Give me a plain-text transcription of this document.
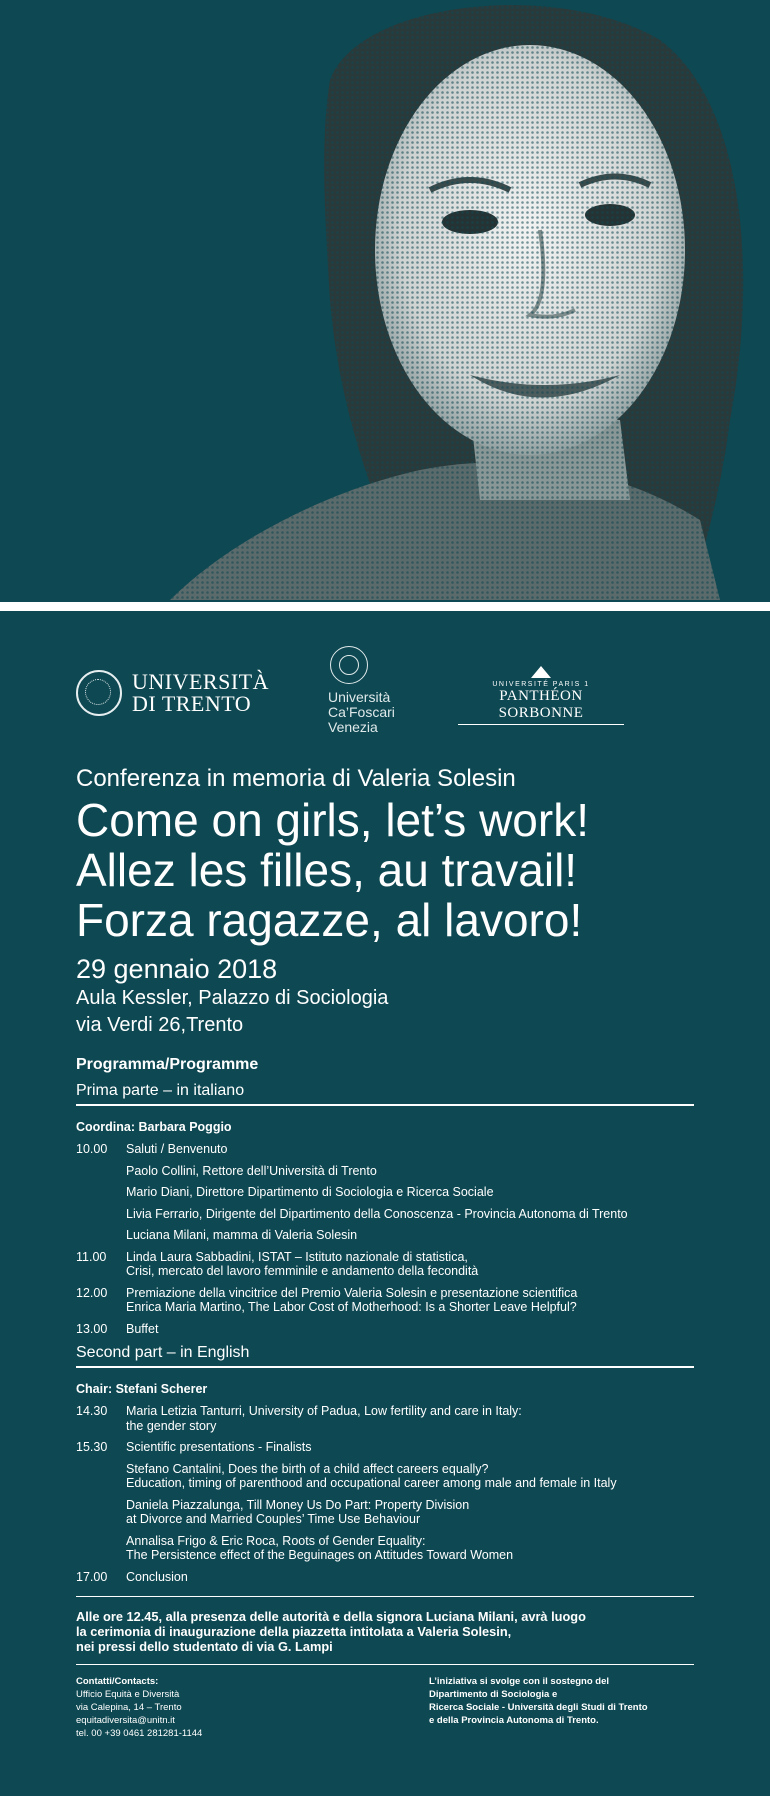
UNIVERSITÀ
DI TRENTO	Università
Ca’Foscari
Venezia
UNIVERSITÉ PARIS 1
PANTHÉON SORBONNE
Conferenza in memoria di Valeria Solesin
Come on girls, let’s work!
Allez les filles, au travail!
Forza ragazze, al lavoro!
29 gennaio 2018
Aula Kessler, Palazzo di Sociologia
via Verdi 26,Trento
Programma/Programme
Prima parte – in italiano
Coordina: Barbara Poggio
10.00	Saluti / Benvenuto
Paolo Collini, Rettore dell’Università di Trento
Mario Diani, Direttore Dipartimento di Sociologia e Ricerca Sociale
Livia Ferrario, Dirigente del Dipartimento della Conoscenza - Provincia Autonoma di Trento
Luciana Milani, mamma di Valeria Solesin
11.00	Linda Laura Sabbadini, ISTAT – Istituto nazionale di statistica,
Crisi, mercato del lavoro femminile e andamento della fecondità
12.00	Premiazione della vincitrice del Premio Valeria Solesin e presentazione scientifica
Enrica Maria Martino, The Labor Cost of Motherhood: Is a Shorter Leave Helpful?
13.00	Buffet
Second part – in English
Chair: Stefani Scherer
14.30	Maria Letizia Tanturri, University of Padua, Low fertility and care in Italy:
the gender story
15.30	Scientific presentations - Finalists
Stefano Cantalini, Does the birth of a child affect careers equally?
Education, timing of parenthood and occupational career among male and female in Italy
Daniela Piazzalunga, Till Money Us Do Part: Property Division
at Divorce and Married Couples’ Time Use Behaviour
Annalisa Frigo & Eric Roca, Roots of Gender Equality:
The Persistence effect of the Beguinages on Attitudes Toward Women
17.00	Conclusion
Alle ore 12.45, alla presenza delle autorità e della signora Luciana Milani, avrà luogo
la cerimonia di inaugurazione della piazzetta intitolata a Valeria Solesin,
nei pressi dello studentato di via G. Lampi
Contatti/Contacts:
Ufficio Equità e Diversità
via Calepina, 14 – Trento
equitadiversita@unitn.it
tel. 00 +39 0461 281281-1144
L’iniziativa si svolge con il sostegno del
Dipartimento di Sociologia e
Ricerca Sociale - Università degli Studi di Trento
e della Provincia Autonoma di Trento.
